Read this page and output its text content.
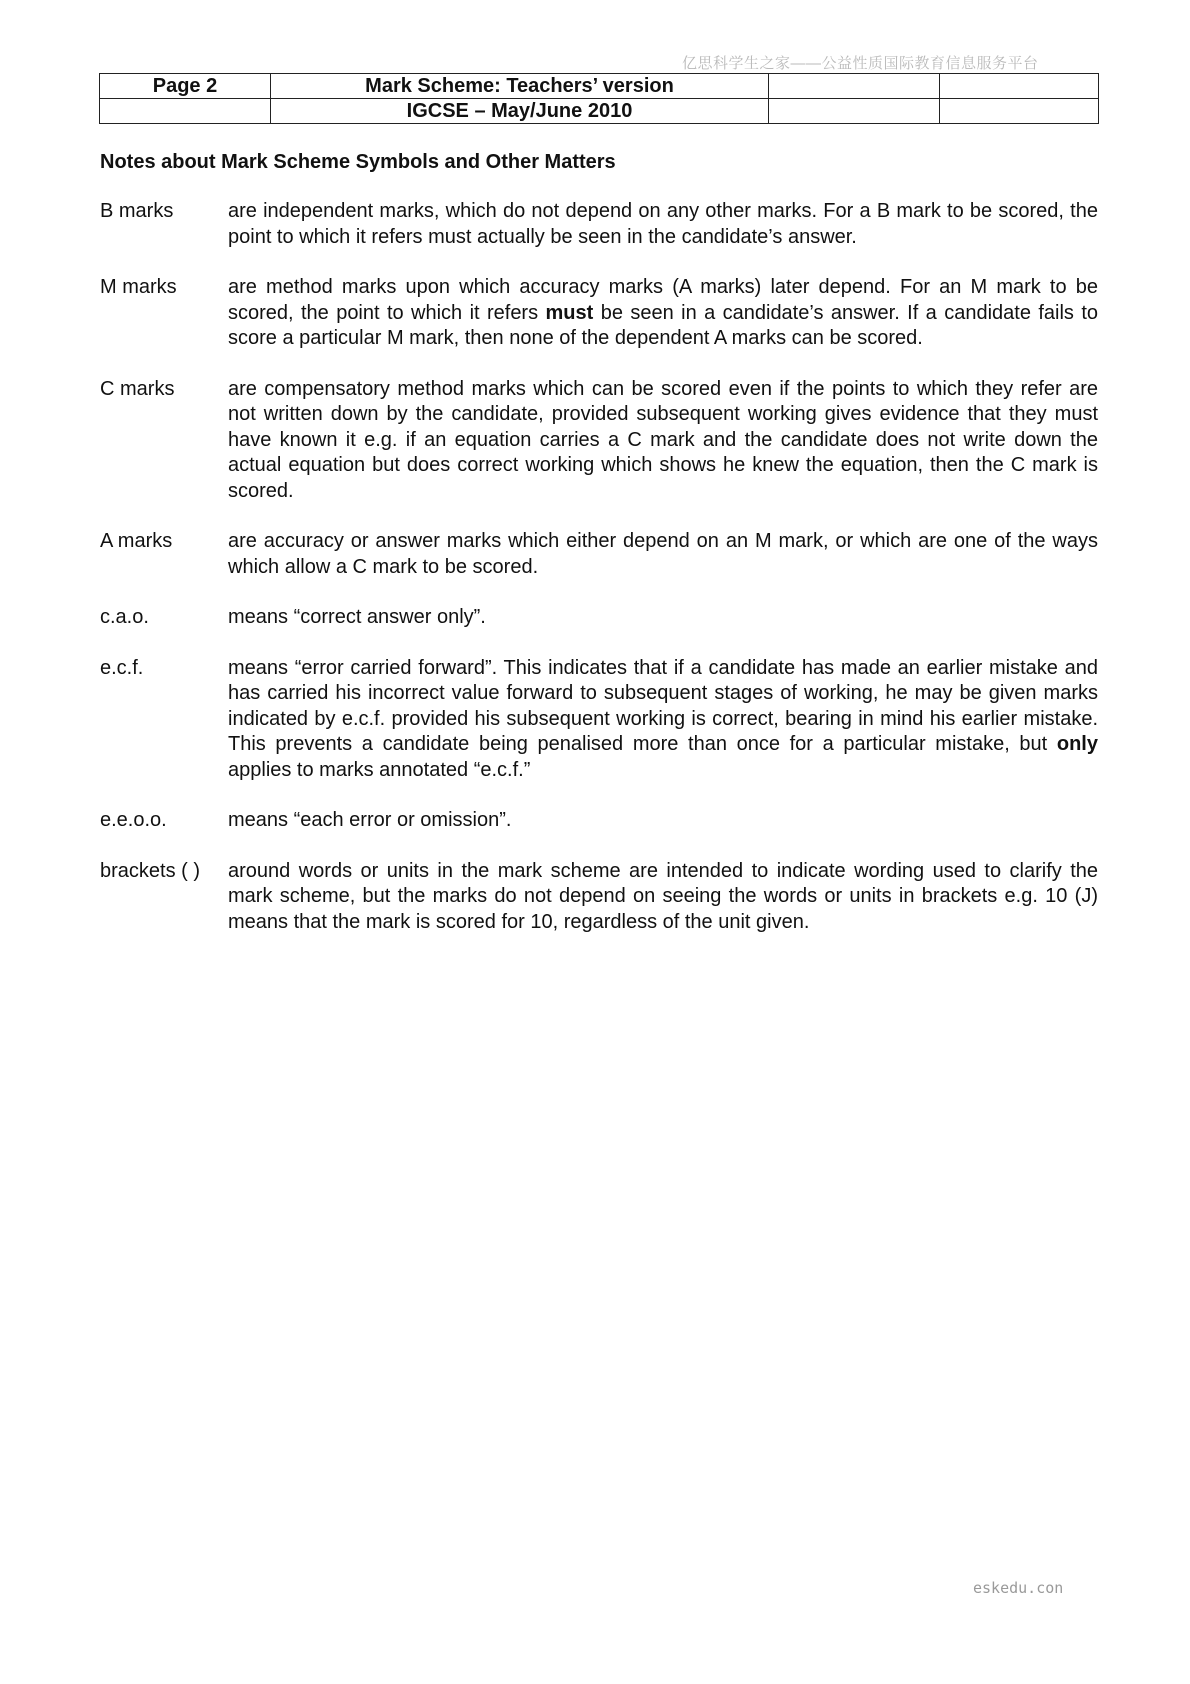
亿思科学生之家——公益性质国际教育信息服务平台
Page 2	Mark Scheme: Teachers’ version		
	IGCSE – May/June 2010		
Notes about Mark Scheme Symbols and Other Matters
B marks	are independent marks, which do not depend on any other marks. For a B mark to be scored, the point to which it refers must actually be seen in the candidate’s answer.
M marks	are method marks upon which accuracy marks (A marks) later depend. For an M mark to be scored, the point to which it refers must be seen in a candidate’s answer. If a candidate fails to score a particular M mark, then none of the dependent A marks can be scored.
C marks	are compensatory method marks which can be scored even if the points to which they refer are not written down by the candidate, provided subsequent working gives evidence that they must have known it e.g. if an equation carries a C mark and the candidate does not write down the actual equation but does correct working which shows he knew the equation, then the C mark is scored.
A marks	are accuracy or answer marks which either depend on an M mark, or which are one of the ways which allow a C mark to be scored.
c.a.o.	means “correct answer only”.
e.c.f.	means “error carried forward”. This indicates that if a candidate has made an earlier mistake and has carried his incorrect value forward to subsequent stages of working, he may be given marks indicated by e.c.f. provided his subsequent working is correct, bearing in mind his earlier mistake. This prevents a candidate being penalised more than once for a particular mistake, but only applies to marks annotated “e.c.f.”
e.e.o.o.	means “each error or omission”.
brackets ( )	around words or units in the mark scheme are intended to indicate wording used to clarify the mark scheme, but the marks do not depend on seeing the words or units in brackets e.g. 10 (J) means that the mark is scored for 10, regardless of the unit given.
eskedu.con
